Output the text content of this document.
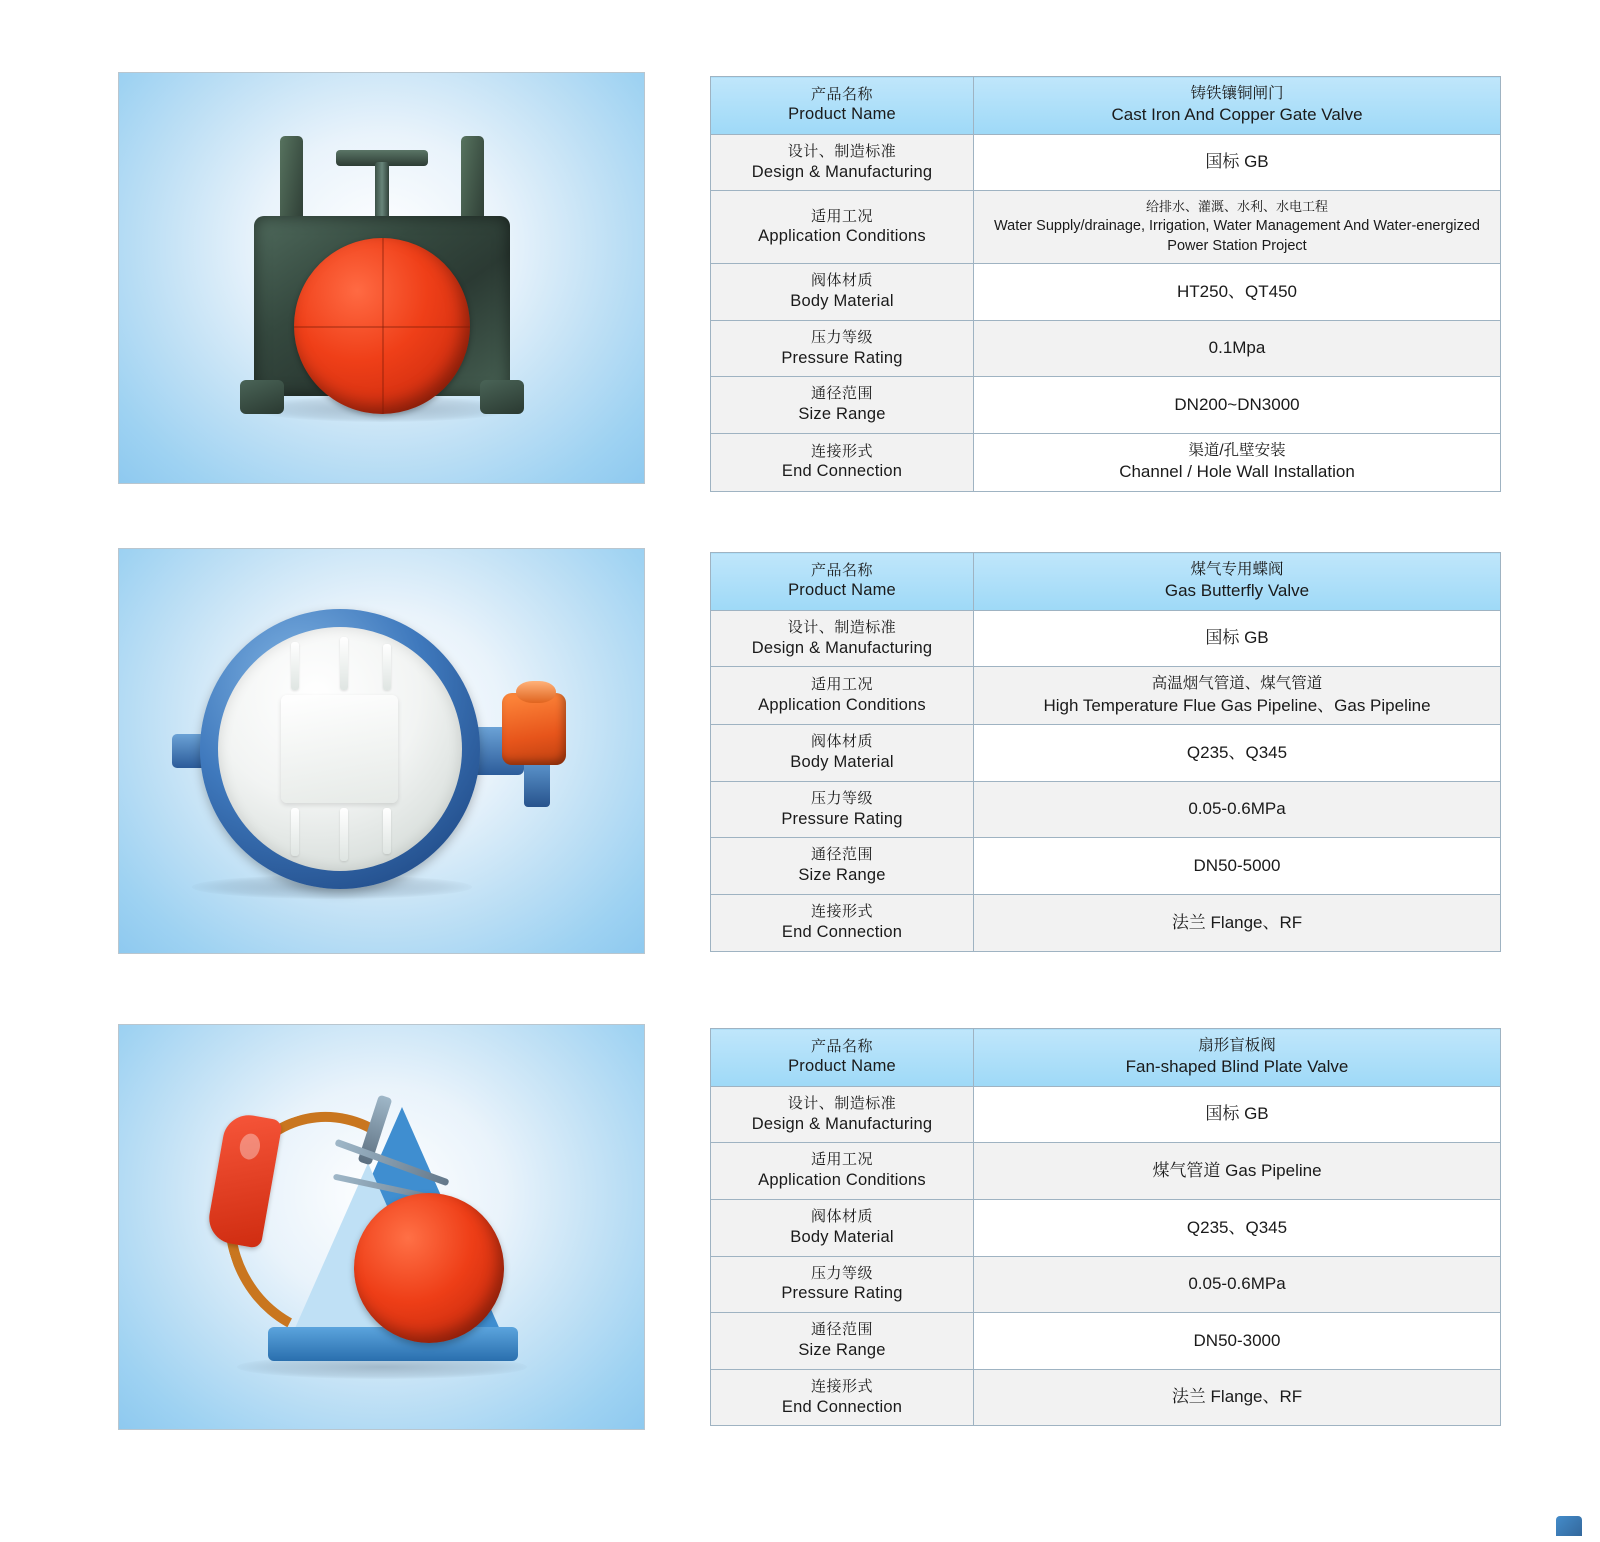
产品名称
Product Name	铸铁镶铜闸门
Cast Iron And Copper Gate Valve

设计、制造标准
Design & Manufacturing	国标 GB

适用工况
Application Conditions	给排水、灌溉、水利、水电工程
Water Supply/drainage, Irrigation, Water Management And Water-energized Power Station Project

阀体材质
Body Material	HT250、QT450

压力等级
Pressure Rating	0.1Mpa

通径范围
Size Range	DN200~DN3000

连接形式
End Connection	渠道/孔壁安装
Channel / Hole Wall Installation
产品名称
Product Name	煤气专用蝶阀
Gas Butterfly Valve

设计、制造标准
Design & Manufacturing	国标 GB

适用工况
Application Conditions	高温烟气管道、煤气管道
High Temperature Flue Gas Pipeline、Gas Pipeline

阀体材质
Body Material	Q235、Q345

压力等级
Pressure Rating	0.05-0.6MPa

通径范围
Size Range	DN50-5000

连接形式
End Connection	法兰 Flange、RF
产品名称
Product Name	扇形盲板阀
Fan-shaped Blind Plate Valve

设计、制造标准
Design & Manufacturing	国标 GB

适用工况
Application Conditions	煤气管道 Gas Pipeline

阀体材质
Body Material	Q235、Q345

压力等级
Pressure Rating	0.05-0.6MPa

通径范围
Size Range	DN50-3000

连接形式
End Connection	法兰 Flange、RF
